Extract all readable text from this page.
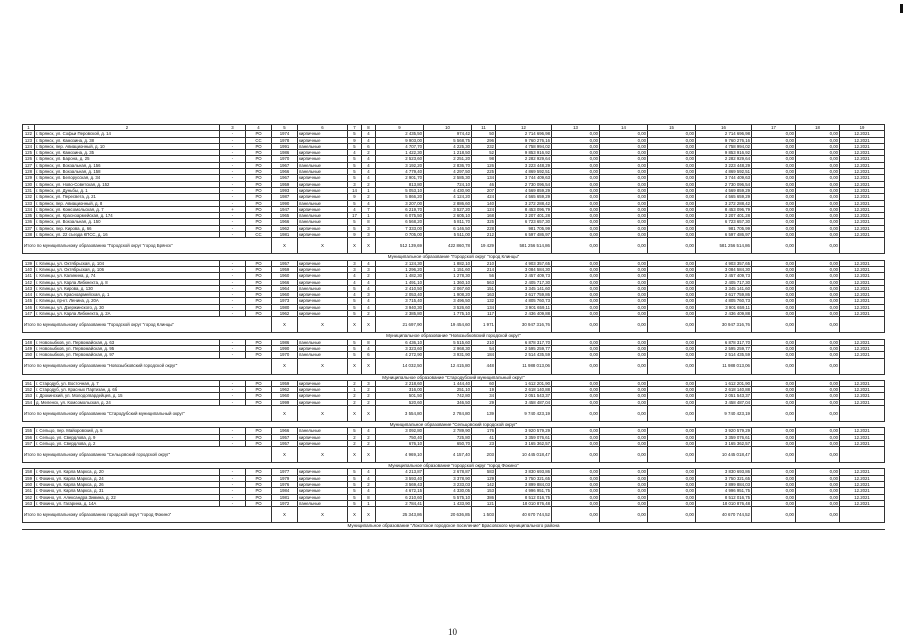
1	2	3	4	5	6	7	8	9	10	11	12	13	14	15	16	17	18	19
122	г. Брянск, ул. Софьи Перовской, д. 14	-	РО	1974	кирпичные	5	4	2 435,50	974,42	50	2 714 696,98	0,00	0,00	0,00	2 714 696,98	0,00	0,00	12.2021
123	г. Брянск, ул. Камозина, д. 38	-	СС	1978	кирпичные	9	4	9 903,00	5 568,75	296	9 760 276,16	0,00	0,00	0,00	9 760 276,16	0,00	0,00	12.2021
124	г. Брянск, пер. Авиационный, д. 10	-	РО	1991	панельные	5	6	4 707,70	4 225,30	232	4 758 994,02	0,00	0,00	0,00	4 758 994,02	0,00	0,00	12.2021
125	г. Брянск, ул. Камозина, д. 35	-	РО	1986	кирпичные	4	2	1 422,30	1 218,50	52	9 853 916,92	0,00	0,00	0,00	9 853 916,92	0,00	0,00	12.2021
126	г. Брянск, ул. Барона, д. 25	-	РО	1970	кирпичные	5	4	2 523,60	2 251,20	98	2 282 929,64	0,00	0,00	0,00	2 282 929,64	0,00	0,00	12.2021
127	г. Брянск, ул. Вокзальная, д. 156	-	РО	1967	панельные	5	4	3 192,20	2 836,70	126	3 223 448,29	0,00	0,00	0,00	3 223 448,29	0,00	0,00	12.2021
128	г. Брянск, ул. Вокзальная, д. 158	-	РО	1966	панельные	5	4	4 779,40	4 297,50	225	4 869 592,51	0,00	0,00	0,00	4 869 592,51	0,00	0,00	12.2021
129	г. Брянск, ул. Белорусская, д. 34	-	РО	1967	кирпичные	5	4	2 901,70	2 585,30	134	3 744 409,63	0,00	0,00	0,00	3 744 409,63	0,00	0,00	12.2021
130	г. Брянск, ул. Ново-Советская, д. 152	-	РО	1959	кирпичные	3	2	813,80	724,10	46	2 730 096,54	0,00	0,00	0,00	2 730 096,54	0,00	0,00	12.2021
131	г. Брянск, ул. Дуньбы, д. 1	-	РО	1993	кирпичные	14	1	5 053,10	4 430,90	207	4 569 859,29	0,00	0,00	0,00	4 569 859,29	0,00	0,00	12.2021
132	г. Брянск, ул. Пересвета, д. 21	-	РО	1987	кирпичные	9	2	5 866,20	4 124,20	424	4 565 659,29	0,00	0,00	0,00	4 565 659,29	0,00	0,00	12.2021
133	г. Брянск, пер. Авиационный, д. 8	-	РО	1990	панельные	5	4	3 207,00	2 886,60	140	3 272 288,42	0,00	0,00	0,00	3 272 288,42	0,00	0,00	12.2021
134	г. Брянск, ул. Комсомольская, д. 7	+	РО	1947	кирпичные	4	7	6 219,70	3 527,20	124	8 453 096,79	0,00	0,00	0,00	8 453 096,79	0,00	0,00	12.2021
135	г. Брянск, ул. Красноармейская, д. 174	-	РО	1965	панельные	17	1	6 075,50	2 605,10	168	3 207 401,28	0,00	0,00	0,00	3 207 401,28	0,00	0,00	12.2021
136	г. Брянск, ул. Вокзальная, д. 150	-	РО	1966	панельные	5	8	6 568,20	5 811,70	325	6 723 657,30	0,00	0,00	0,00	6 723 657,30	0,00	0,00	12.2021
137	г. Брянск, пер. Кирова, д. 66	-	РО	1962	кирпичные	5	3	7 333,00	6 146,50	228	981 705,99	0,00	0,00	0,00	981 705,99	0,00	0,00	12.2021
138	г. Брянск, ул. 22 съезда КПСС, д. 16	-	СС	1981	кирпичные	9	3	0 705,00	5 511,00	212	6 597 486,97	0,00	0,00	0,00	6 597 486,97	0,00	0,00	12.2021
Итого по муниципальному образованию "Городской округ "город Брянск"				X	X	X	X	512 139,69	422 860,78	19 429	581 256 514,86	0,00	0,00	0,00	581 256 514,86	0,00	0,00	
Муниципальное образование "Городской округ "город Клинцы"																		
139	г. Клинцы, ул. Октябрьская, д. 104	-	РО	1957	кирпичные	3	4	2 124,30	1 882,10	210	4 903 357,65	0,00	0,00	0,00	4 903 357,65	0,00	0,00	12.2021
140	г. Клинцы, ул. Октябрьская, д. 106	-	РО	1959	кирпичные	3	3	1 296,20	1 151,60	214	3 084 584,30	0,00	0,00	0,00	3 084 584,30	0,00	0,00	12.2021
141	г. Клинцы, ул. Калинина, д. 74	-	РО	1960	кирпичные	4	2	1 482,30	1 278,30	56	2 457 409,73	0,00	0,00	0,00	2 457 409,73	0,00	0,00	12.2021
142	г. Клинцы, ул. Карла Либкнехта, д. 8	-	РО	1966	кирпичные	4	4	1 491,10	1 360,10	563	2 405 717,30	0,00	0,00	0,00	2 405 717,30	0,00	0,00	12.2021
143	г. Клинцы, ул. Кирова, д. 130	-	РО	1964	панельные	5	4	2 410,50	2 067,60	151	3 345 141,60	0,00	0,00	0,00	3 345 141,60	0,00	0,00	12.2021
144	г. Клинцы, ул. Красноармейская, д. 1	-	РО	1960	кирпичные	4	3	2 053,40	1 908,20	163	3 617 759,86	0,00	0,00	0,00	3 617 759,86	0,00	0,00	12.2021
145	г. Клинцы, пр-кт. Ленина, д. 20А	-	РО	1973	кирпичные	5	4	3 715,40	3 496,50	132	4 805 760,73	0,00	0,00	0,00	4 805 760,73	0,00	0,00	12.2021
146	г. Клинцы, ул. Дзержинского, д. 30	-	РО	1980	кирпичные	5	4	3 940,30	3 526,60	134	3 901 659,11	0,00	0,00	0,00	3 901 659,11	0,00	0,00	12.2021
147	г. Клинцы, ул. Карла Либкнехта, д. 2А	-	РО	1962	кирпичные	5	2	2 385,80	1 775,10	117	2 436 409,88	0,00	0,00	0,00	2 436 409,88	0,00	0,00	12.2021
Итого по муниципальному образованию "Городской округ "город Клинцы"				X	X	X	X	21 697,90	19 454,60	1 971	30 947 316,76	0,00	0,00	0,00	30 947 316,76	0,00	0,00	
Муниципальное образование "Новозыбковский городской округ"																		
148	г. Новозыбков, ул. Первомайская, д. 63	-	РО	1986	панельные	5	8	6 436,10	5 515,60	210	6 878 317,70	0,00	0,00	0,00	6 878 317,70	0,00	0,00	12.2021
149	г. Новозыбков, ул. Первомайская, д. 95	-	РО	1990	кирпичные	5	4	3 323,60	2 968,30	54	2 595 259,77	0,00	0,00	0,00	2 595 259,77	0,00	0,00	12.2021
150	г. Новозыбков, ул. Первомайская, д. 97	-	РО	1970	панельные	5	6	4 272,90	3 931,90	184	2 514 435,59	0,00	0,00	0,00	2 514 435,59	0,00	0,00	12.2021
Итого по муниципальному образованию "Новозыбковский городской округ"				X	X	X	X	14 032,50	12 415,80	448	11 988 013,06	0,00	0,00	0,00	11 988 013,06	0,00	0,00	
Муниципальное образование "Стародубский муниципальный округ"																		
151	г. Стародуб, ул. Восточная, д. 7	-	РО	1959	кирпичные	2	3	2 218,60	1 444,40	60	1 612 201,90	0,00	0,00	0,00	1 612 201,90	0,00	0,00	12.2021
152	г. Стародуб, ул. Красных Партизан, д. 6б	-	РО	1962	кирпичные	1	2	316,00	251,10	19	2 618 140,88	0,00	0,00	0,00	2 618 140,88	0,00	0,00	12.2021
153	г. Дрокинский, ул. Молодогвардейцев, д. 15	-	РО	1960	кирпичные	2	2	501,50	742,80	34	2 051 543,37	0,00	0,00	0,00	2 051 543,37	0,00	0,00	12.2021
154	д. Меленск, ул. Комсомольская, д. 24	-	РО	1999	кирпичные	2	2	520,60	346,50	29	3 458 487,04	0,00	0,00	0,00	3 458 487,04	0,00	0,00	12.2021
Итого по муниципальному образованию "Стародубский муниципальный округ"				X	X	X	X	3 554,80	2 784,80	139	9 740 423,19	0,00	0,00	0,00	9 740 423,19	0,00	0,00	
Муниципальное образование "Сельцовский городской округ"																		
155	г. Сельцо, пер. Майоровский, д. 5	-	РО	1966	панельные	5	4	3 092,80	2 789,90	176	3 920 579,29	0,00	0,00	0,00	3 920 579,29	0,00	0,00	12.2021
156	г. Сельцо, ул. Свердлова, д. 9	-	РО	1957	кирпичные	2	2	750,40	725,80	41	3 359 076,61	0,00	0,00	0,00	3 359 076,61	0,00	0,00	12.2021
157	г. Сельцо, ул. Свердлова, д. 2	-	РО	1957	кирпичные	2	2	676,10	650,70	23	3 165 362,57	0,00	0,00	0,00	3 165 362,57	0,00	0,00	12.2021
Итого по муниципальному образованию "Сельцовский городской округ"				X	X	X	X	4 969,10	4 157,40	203	10 445 018,47	0,00	0,00	0,00	10 445 018,47	0,00	0,00	
Муниципальное образование "городской округ "город Фокино"																		
158	г. Фокино, ул. Карла Маркса, д. 20	-	РО	1977	кирпичные	5	4	4 213,87	2 678,87	583	3 830 693,86	0,00	0,00	0,00	3 830 693,86	0,00	0,00	12.2021
159	г. Фокино, ул. Карла Маркса, д. 24	-	РО	1979	кирпичные	5	4	3 593,40	3 378,90	129	3 750 321,65	0,00	0,00	0,00	3 750 321,65	0,00	0,00	12.2021
160	г. Фокино, ул. Карла Маркса, д. 26	-	РО	1976	кирпичные	5	2	3 569,43	3 233,03	142	3 899 884,03	0,00	0,00	0,00	3 899 884,03	0,00	0,00	12.2021
161	г. Фокино, ул. Карла Маркса, д. 31	-	РО	1984	кирпичные	5	4	4 672,15	4 330,05	153	4 996 951,75	0,00	0,00	0,00	4 996 951,75	0,00	0,00	12.2021
162	г. Фокино, ул. Александра Зимина, д. 22	-	РО	1981	кирпичные	5	8	6 210,60	5 575,10	386	8 512 016,75	0,00	0,00	0,00	8 512 016,75	0,00	0,00	12.2021
163	г. Фокино, ул. Гагарина, д. 14А	-	РО	1972	панельные	5	1	2 784,41	1 433,90	121	18 010 876,48	0,00	0,00	0,00	18 010 876,48	0,00	0,00	12.2021
Итого по муниципальному образованию городской округ "город Фокино"				X	X	X	X	25 343,86	20 636,85	1 503	40 670 744,52	0,00	0,00	0,00	40 670 744,52	0,00	0,00	
Муниципальное образование "Локотское городское поселение" Брасовского муниципального района																		
10
